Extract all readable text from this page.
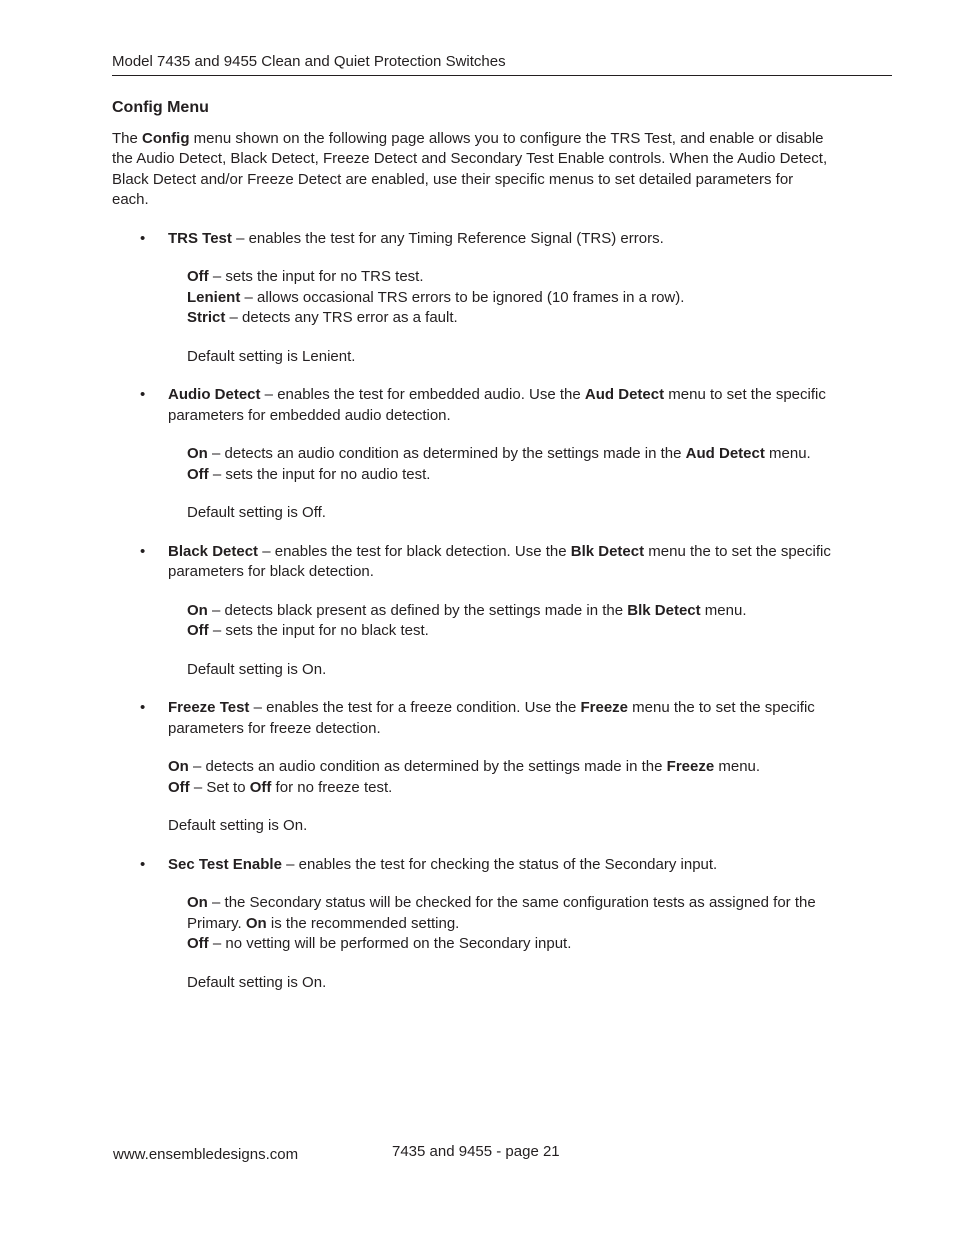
Model 7435 and 9455 Clean and Quiet Protection Switches
Config Menu

The Config menu shown on the following page allows you to configure the TRS Test, and enable or disable the Audio Detect, Black Detect, Freeze Detect and Secondary Test Enable controls. When the Audio Detect, Black Detect and/or Freeze Detect are enabled, use their specific menus to set detailed parameters for each.

• TRS Test – enables the test for any Timing Reference Signal (TRS) errors.

Off – sets the input for no TRS test.

Lenient – allows occasional TRS errors to be ignored (10 frames in a row).

Strict – detects any TRS error as a fault.

Default setting is Lenient.

• Audio Detect – enables the test for embedded audio. Use the Aud Detect menu to set the specific parameters for embedded audio detection.

On – detects an audio condition as determined by the settings made in the Aud Detect menu.

Off – sets the input for no audio test.

Default setting is Off.

• Black Detect – enables the test for black detection. Use the Blk Detect menu the to set the specific parameters for black detection.

On – detects black present as defined by the settings made in the Blk Detect menu.

Off – sets the input for no black test.

Default setting is On.

• Freeze Test – enables the test for a freeze condition. Use the Freeze menu the to set the specific parameters for freeze detection.

On – detects an audio condition as determined by the settings made in the Freeze menu.

Off – Set to Off for no freeze test.

Default setting is On.

• Sec Test Enable – enables the test for checking the status of the Secondary input.

On – the Secondary status will be checked for the same configuration tests as assigned for the Primary. On is the recommended setting.

Off – no vetting will be performed on the Secondary input.

Default setting is On.

www.ensembledesigns.com	7435 and 9455 - page 21
